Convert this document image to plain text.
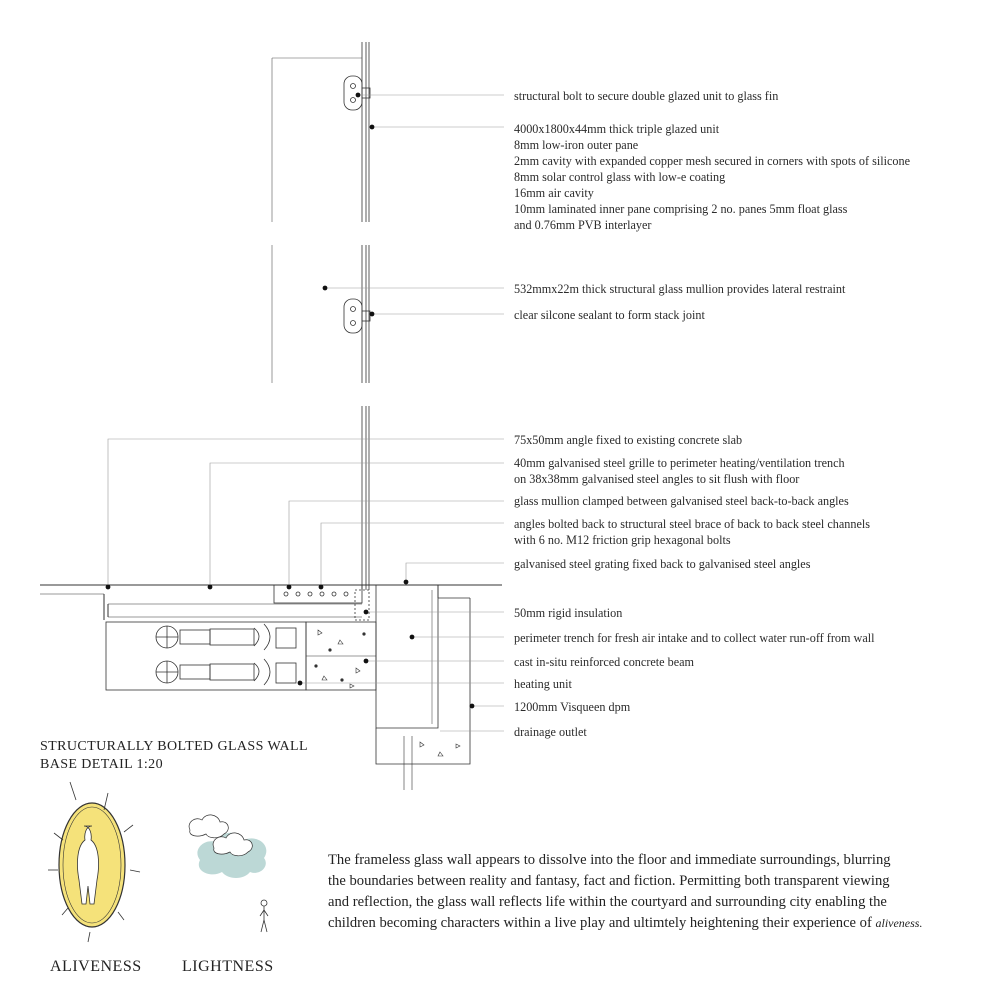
structural bolt to secure double glazed unit to glass fin
4000x1800x44mm thick triple glazed unit
8mm low-iron outer pane
2mm cavity with expanded copper mesh secured in corners with spots of silicone
8mm solar control glass with low-e coating
16mm air cavity
10mm laminated inner pane comprising 2 no. panes 5mm float glass
and 0.76mm PVB interlayer
532mmx22m thick structural glass mullion provides lateral restraint
clear silcone sealant to form stack joint
75x50mm angle fixed to existing concrete slab
40mm galvanised steel grille to perimeter heating/ventilation trench
on 38x38mm galvanised steel angles to sit flush with floor
glass mullion clamped between galvanised steel back-to-back angles
angles bolted back to structural steel brace of back to back steel channels
with 6 no. M12 friction grip hexagonal bolts
galvanised steel grating fixed back to galvanised steel angles
50mm rigid insulation
perimeter trench for fresh air intake and to collect water run-off from wall
cast in-situ reinforced concrete beam
heating unit
1200mm Visqueen dpm
drainage outlet
STRUCTURALLY BOLTED GLASS WALL
BASE DETAIL 1:20
The frameless glass wall appears to dissolve into the floor and immediate surroundings, blurring
the boundaries between reality and fantasy, fact and fiction. Permitting both transparent viewing
and reflection, the glass wall reflects life within the courtyard and surrounding city enabling the
children becoming characters within a live play and ultimtely heightening their experience of aliveness.
ALIVENESS	LIGHTNESS
